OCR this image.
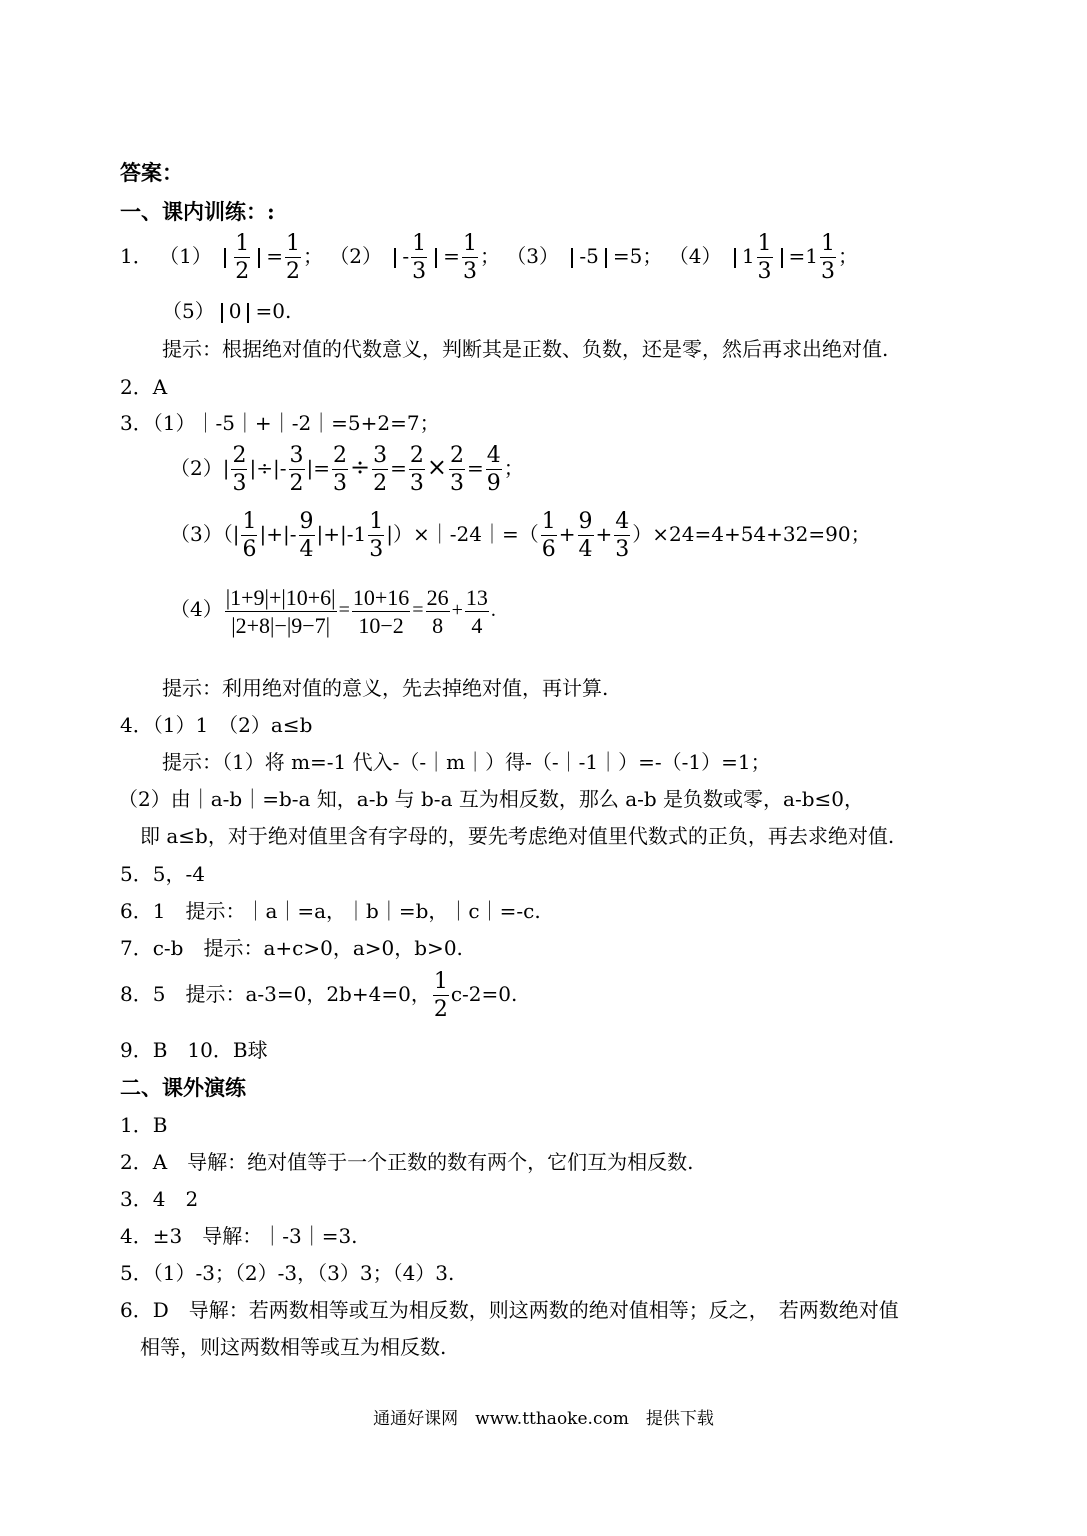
答案：
一、课内训练：:
1． $(1) \frac{1}{2} = \frac{1}{2}$ ； $(2) - \frac{1}{3} = \frac{1}{3}$ ； （3） -5 =5； （4） $1 \frac{1}{3} =1 \frac{1}{3}$ ；
（5） 0 =0.
提示：根据绝对值的代数意义，判断其是正数、负数，还是零，然后再求出绝对值.
2．A
3．（1）｜-5｜+｜-2｜=5+2=7；
$(2)| \frac{2}{3}$ |÷|- $\frac{3}{2}$ |= $\frac{2}{3} \div \frac{3}{2} = \frac{2}{3} \times \frac{2}{3} = \frac{4}{9}$ ；
$(3)(| \frac{1}{6}$ |+|- $\frac{9}{4} |+|-1 \frac{1}{3}$ |）×｜-24｜=（ $\frac{1}{6} + \frac{9}{4} + \frac{4}{3} )\times 24=4+54+32=90$；
$(4) \frac{|1+9|+|10+6|}{|2+8|-|9-7|} = \frac{10+16}{10-2} = \frac{26}{8} + \frac{13}{4}$ .
提示：利用绝对值的意义，先去掉绝对值，再计算.
4．（1）1　（2）a≤b
提示：（1）将 m=-1 代入-（-｜m｜）得-（-｜-1｜）=-（-1）=1；
（2）由｜a-b｜=b-a 知，a-b 与 b-a 互为相反数，那么 a-b 是负数或零，a-b≤0，
即 a≤b，对于绝对值里含有字母的，要先考虑绝对值里代数式的正负，再去求绝对值.
5．5，-4
6．1　提示：｜a｜=a，｜b｜=b，｜c｜=-c.
7．c-b　提示：a+c>0，a>0，b>0.
8．5　提示：a-3=0，2b+4=0， $\frac{1}{2} c-2=0$.
9．B　10．B球
二、课外演练
1．B
2．A　导解：绝对值等于一个正数的数有两个，它们互为相反数.
3．4　2
4．±3　导解：｜-3｜=3.
5．（1）-3；（2）-3，（3）3；（4）3.
6．D　导解：若两数相等或互为相反数，则这两数的绝对值相等；反之，　若两数绝对值
相等，则这两数相等或互为相反数.
通通好课网　www.tthaoke.com　提供下载
